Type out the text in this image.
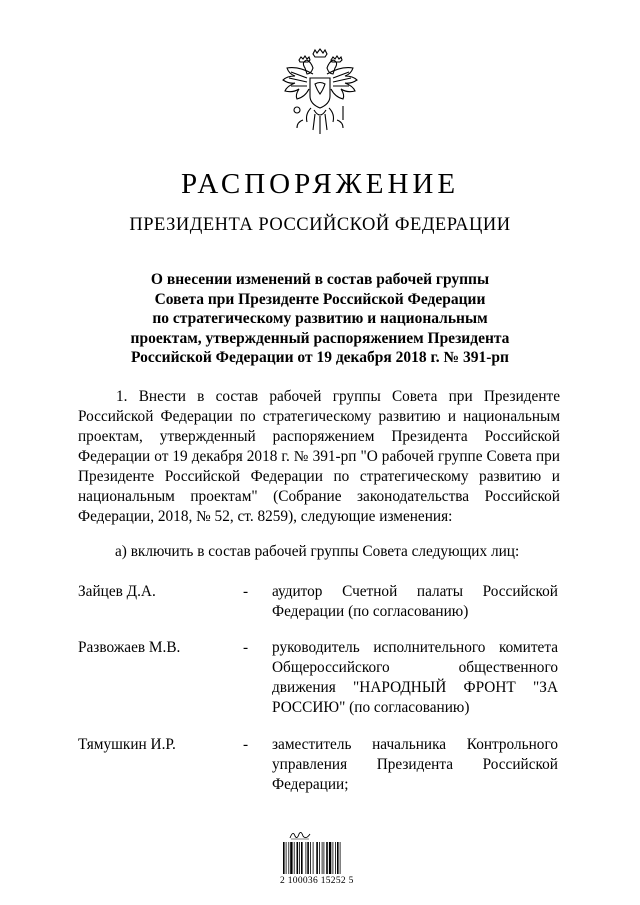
РАСПОРЯЖЕНИЕ
ПРЕЗИДЕНТА РОССИЙСКОЙ ФЕДЕРАЦИИ
О внесении изменений в состав рабочей группы
Совета при Президенте Российской Федерации
по стратегическому развитию и национальным
проектам, утвержденный распоряжением Президента
Российской Федерации от 19 декабря 2018 г. № 391-рп

1. Внести в состав рабочей группы Совета при Президенте Российской Федерации по стратегическому развитию и национальным проектам, утвержденный распоряжением Президента Российской Федерации от 19 декабря 2018 г. № 391-рп "О рабочей группе Совета при Президенте Российской Федерации по стратегическому развитию и национальным проектам" (Собрание законодательства Российской Федерации, 2018, № 52, ст. 8259), следующие изменения:

а) включить в состав рабочей группы Совета следующих лиц:
Зайцев Д.А.	- аудитор Счетной палаты Российской Федерации (по согласованию)
Развожаев М.В.	- руководитель исполнительного комитета Общероссийского общественного движения "НАРОДНЫЙ ФРОНТ "ЗА РОССИЮ" (по согласованию)
Тямушкин И.Р.	- заместитель начальника Контрольного управления Президента Российской Федерации;
2 100036 15252 5
